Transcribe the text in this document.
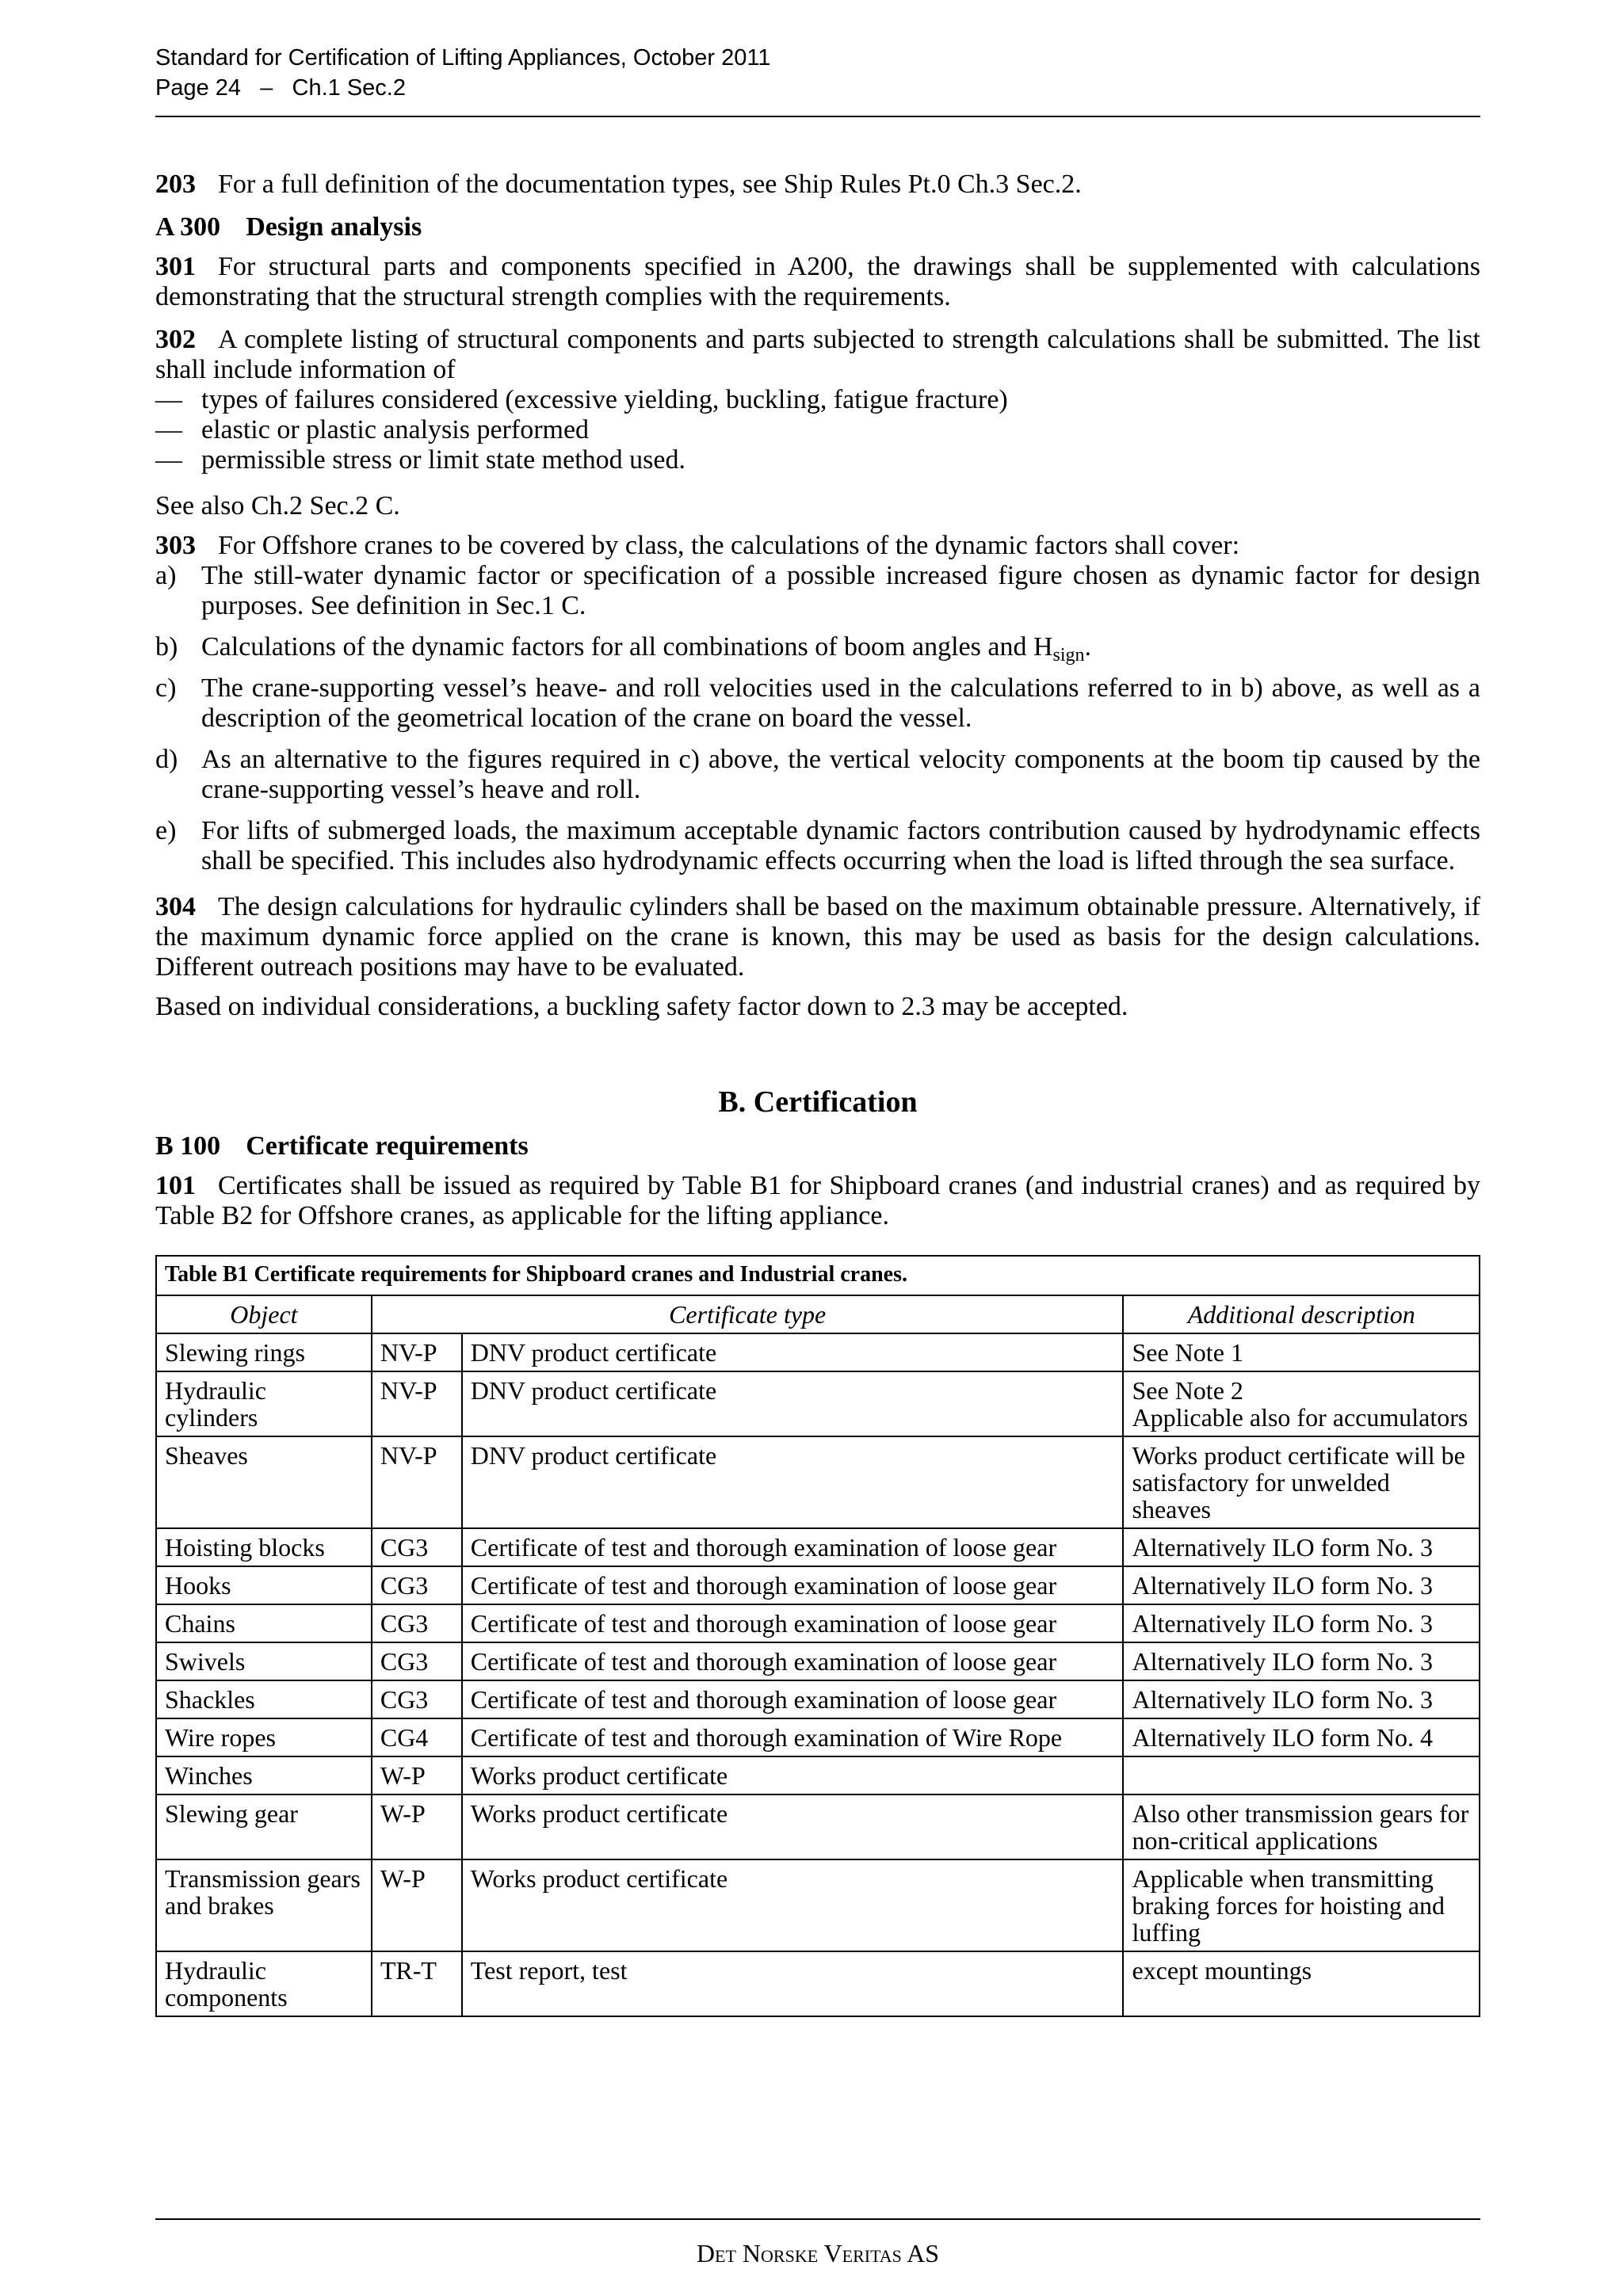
Standard for Certification of Lifting Appliances, October 2011
Page 24   –   Ch.1 Sec.2

203 For a full definition of the documentation types, see Ship Rules Pt.0 Ch.3 Sec.2.

A 300 Design analysis

301 For structural parts and components specified in A200, the drawings shall be supplemented with calculations demonstrating that the structural strength complies with the requirements.

302 A complete listing of structural components and parts subjected to strength calculations shall be submitted. The list shall include information of

— types of failures considered (excessive yielding, buckling, fatigue fracture)
— elastic or plastic analysis performed
— permissible stress or limit state method used.

See also Ch.2 Sec.2 C.

303 For Offshore cranes to be covered by class, the calculations of the dynamic factors shall cover:

a) The still-water dynamic factor or specification of a possible increased figure chosen as dynamic factor for design purposes. See definition in Sec.1 C.
b) Calculations of the dynamic factors for all combinations of boom angles and $H_{sign}$.
c) The crane-supporting vessel’s heave- and roll velocities used in the calculations referred to in b) above, as well as a description of the geometrical location of the crane on board the vessel.
d) As an alternative to the figures required in c) above, the vertical velocity components at the boom tip caused by the crane-supporting vessel’s heave and roll.
e) For lifts of submerged loads, the maximum acceptable dynamic factors contribution caused by hydrodynamic effects shall be specified. This includes also hydrodynamic effects occurring when the load is lifted through the sea surface.

304 The design calculations for hydraulic cylinders shall be based on the maximum obtainable pressure. Alternatively, if the maximum dynamic force applied on the crane is known, this may be used as basis for the design calculations. Different outreach positions may have to be evaluated.

Based on individual considerations, a buckling safety factor down to 2.3 may be accepted.

B. Certification
B 100 Certificate requirements

101 Certificates shall be issued as required by Table B1 for Shipboard cranes (and industrial cranes) and as required by Table B2 for Offshore cranes, as applicable for the lifting appliance.

Table B1 Certificate requirements for Shipboard cranes and Industrial cranes.			
Object	Certificate type		Additional description
Slewing rings	NV-P	DNV product certificate	See Note 1
Hydraulic cylinders	NV-P	DNV product certificate	See Note 2
Applicable also for accumulators
Sheaves	NV-P	DNV product certificate	Works product certificate will be satisfactory for unwelded sheaves
Hoisting blocks	CG3	Certificate of test and thorough examination of loose gear	Alternatively ILO form No. 3
Hooks	CG3	Certificate of test and thorough examination of loose gear	Alternatively ILO form No. 3
Chains	CG3	Certificate of test and thorough examination of loose gear	Alternatively ILO form No. 3
Swivels	CG3	Certificate of test and thorough examination of loose gear	Alternatively ILO form No. 3
Shackles	CG3	Certificate of test and thorough examination of loose gear	Alternatively ILO form No. 3
Wire ropes	CG4	Certificate of test and thorough examination of Wire Rope	Alternatively ILO form No. 4
Winches	W-P	Works product certificate	
Slewing gear	W-P	Works product certificate	Also other transmission gears for non-critical applications
Transmission gears and brakes	W-P	Works product certificate	Applicable when transmitting braking forces for hoisting and luffing
Hydraulic components	TR-T	Test report, test	except mountings
Det Norske Veritas AS
